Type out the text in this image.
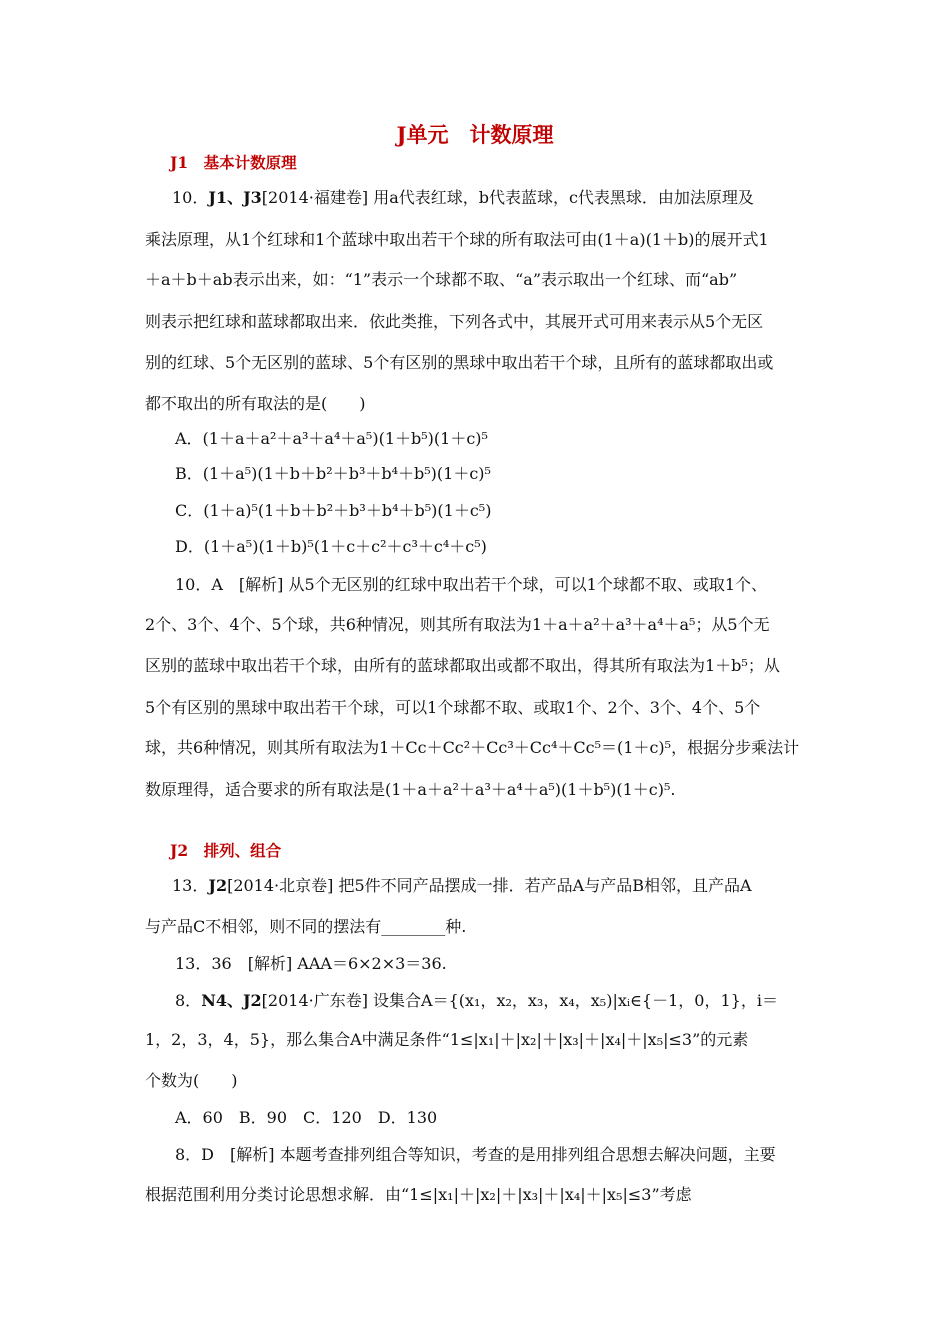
J单元　计数原理
J1　基本计数原理
10．J1、J3[2014·福建卷] 用a代表红球，b代表蓝球，c代表黑球．由加法原理及
乘法原理，从1个红球和1个蓝球中取出若干个球的所有取法可由(1＋a)(1＋b)的展开式1
＋a＋b＋ab表示出来，如：“1”表示一个球都不取、“a”表示取出一个红球、而“ab”
则表示把红球和蓝球都取出来．依此类推，下列各式中，其展开式可用来表示从5个无区
别的红球、5个无区别的蓝球、5个有区别的黑球中取出若干个球，且所有的蓝球都取出或
都不取出的所有取法的是(　　)
A．(1＋a＋a²＋a³＋a⁴＋a⁵)(1＋b⁵)(1＋c)⁵
B．(1＋a⁵)(1＋b＋b²＋b³＋b⁴＋b⁵)(1＋c)⁵
C．(1＋a)⁵(1＋b＋b²＋b³＋b⁴＋b⁵)(1＋c⁵)
D．(1＋a⁵)(1＋b)⁵(1＋c＋c²＋c³＋c⁴＋c⁵)
10．A　[解析] 从5个无区别的红球中取出若干个球，可以1个球都不取、或取1个、
2个、3个、4个、5个球，共6种情况，则其所有取法为1＋a＋a²＋a³＋a⁴＋a⁵；从5个无
区别的蓝球中取出若干个球，由所有的蓝球都取出或都不取出，得其所有取法为1＋b⁵；从
5个有区别的黑球中取出若干个球，可以1个球都不取、或取1个、2个、3个、4个、5个
球，共6种情况，则其所有取法为1＋Cc＋Cc²＋Cc³＋Cc⁴＋Cc⁵＝(1＋c)⁵，根据分步乘法计
数原理得，适合要求的所有取法是(1＋a＋a²＋a³＋a⁴＋a⁵)(1＋b⁵)(1＋c)⁵.
J2　排列、组合
13．J2[2014·北京卷] 把5件不同产品摆成一排．若产品A与产品B相邻，且产品A
与产品C不相邻，则不同的摆法有________种.
13．36　[解析] AAA＝6×2×3＝36.
8．N4、J2[2014·广东卷] 设集合A＝{(x₁，x₂，x₃，x₄，x₅)|xᵢ∈{－1，0，1}，i＝
1，2，3，4，5}，那么集合A中满足条件“1≤|x₁|＋|x₂|＋|x₃|＋|x₄|＋|x₅|≤3”的元素
个数为(　　)
A．60　B．90　C．120　D．130
8．D　[解析] 本题考查排列组合等知识，考查的是用排列组合思想去解决问题，主要
根据范围利用分类讨论思想求解．由“1≤|x₁|＋|x₂|＋|x₃|＋|x₄|＋|x₅|≤3”考虑
